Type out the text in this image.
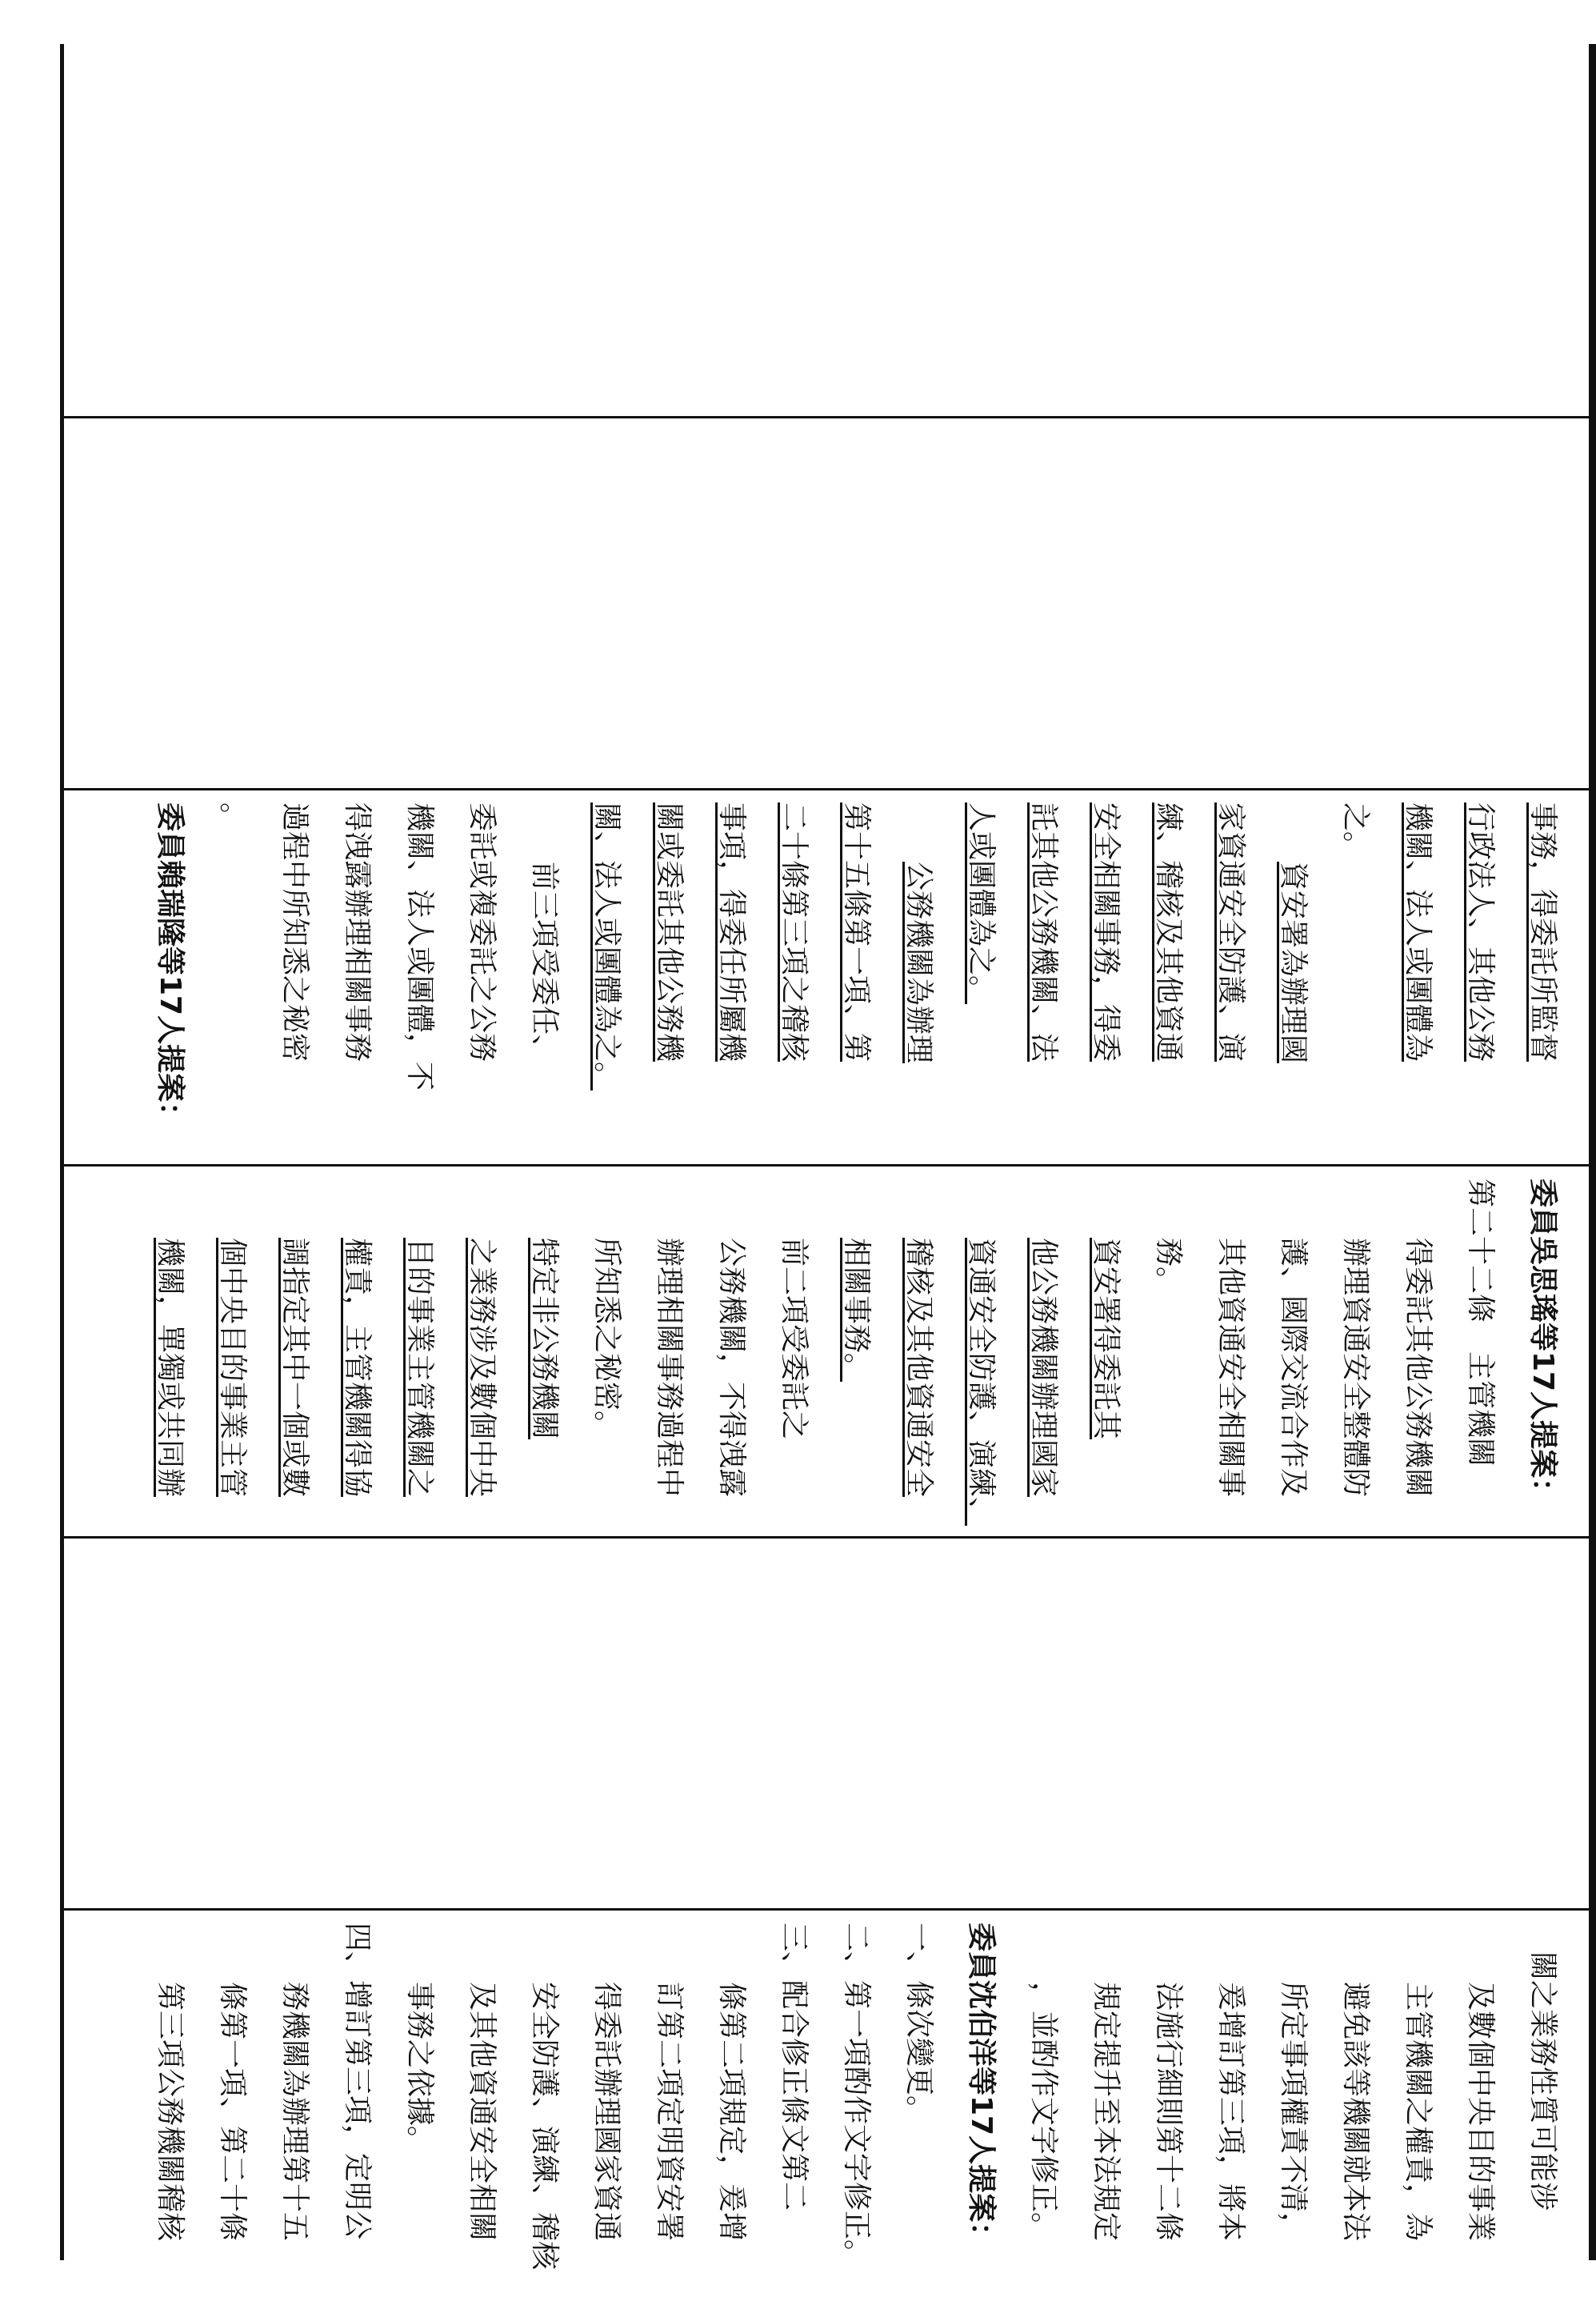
事務，得委託所監督
行政法人、其他公務
機關、法人或團體為
之。
資安署為辦理國
家資通安全防護、演
練、稽核及其他資通
安全相關事務，得委
託其他公務機關、法
人或團體為之。
公務機關為辦理
第十五條第一項、第
二十條第三項之稽核
事項，得委任所屬機
關或委託其他公務機
關、法人或團體為之。
前三項受委任、
委託或複委託之公務
機關、法人或團體，不
得洩露辦理相關事務
過程中所知悉之秘密
。
委員賴瑞隆等17人提案：
委員吳思瑤等17人提案：
第二十二條　主管機關
得委託其他公務機關
辦理資通安全整體防
護、國際交流合作及
其他資通安全相關事
務。
資安署得委託其
他公務機關辦理國家
資通安全防護、演練、
稽核及其他資通安全
相關事務。
前二項受委託之
公務機關，不得洩露
辦理相關事務過程中
所知悉之秘密。
特定非公務機關
之業務涉及數個中央
目的事業主管機關之
權責，主管機關得協
調指定其中一個或數
個中央目的事業主管
機關，單獨或共同辦
關之業務性質可能涉
及數個中央目的事業
主管機關之權責，為
避免該等機關就本法
所定事項權責不清，
爰增訂第三項，將本
法施行細則第十二條
規定提升至本法規定
，並酌作文字修正。
委員沈伯洋等17人提案：
一、條次變更。
二、第一項酌作文字修正。
三、配合修正條文第二
條第二項規定，爰增
訂第二項定明資安署
得委託辦理國家資通
安全防護、演練、稽核
及其他資通安全相關
事務之依據。
四、增訂第三項，定明公
務機關為辦理第十五
條第一項、第二十條
第三項公務機關稽核
